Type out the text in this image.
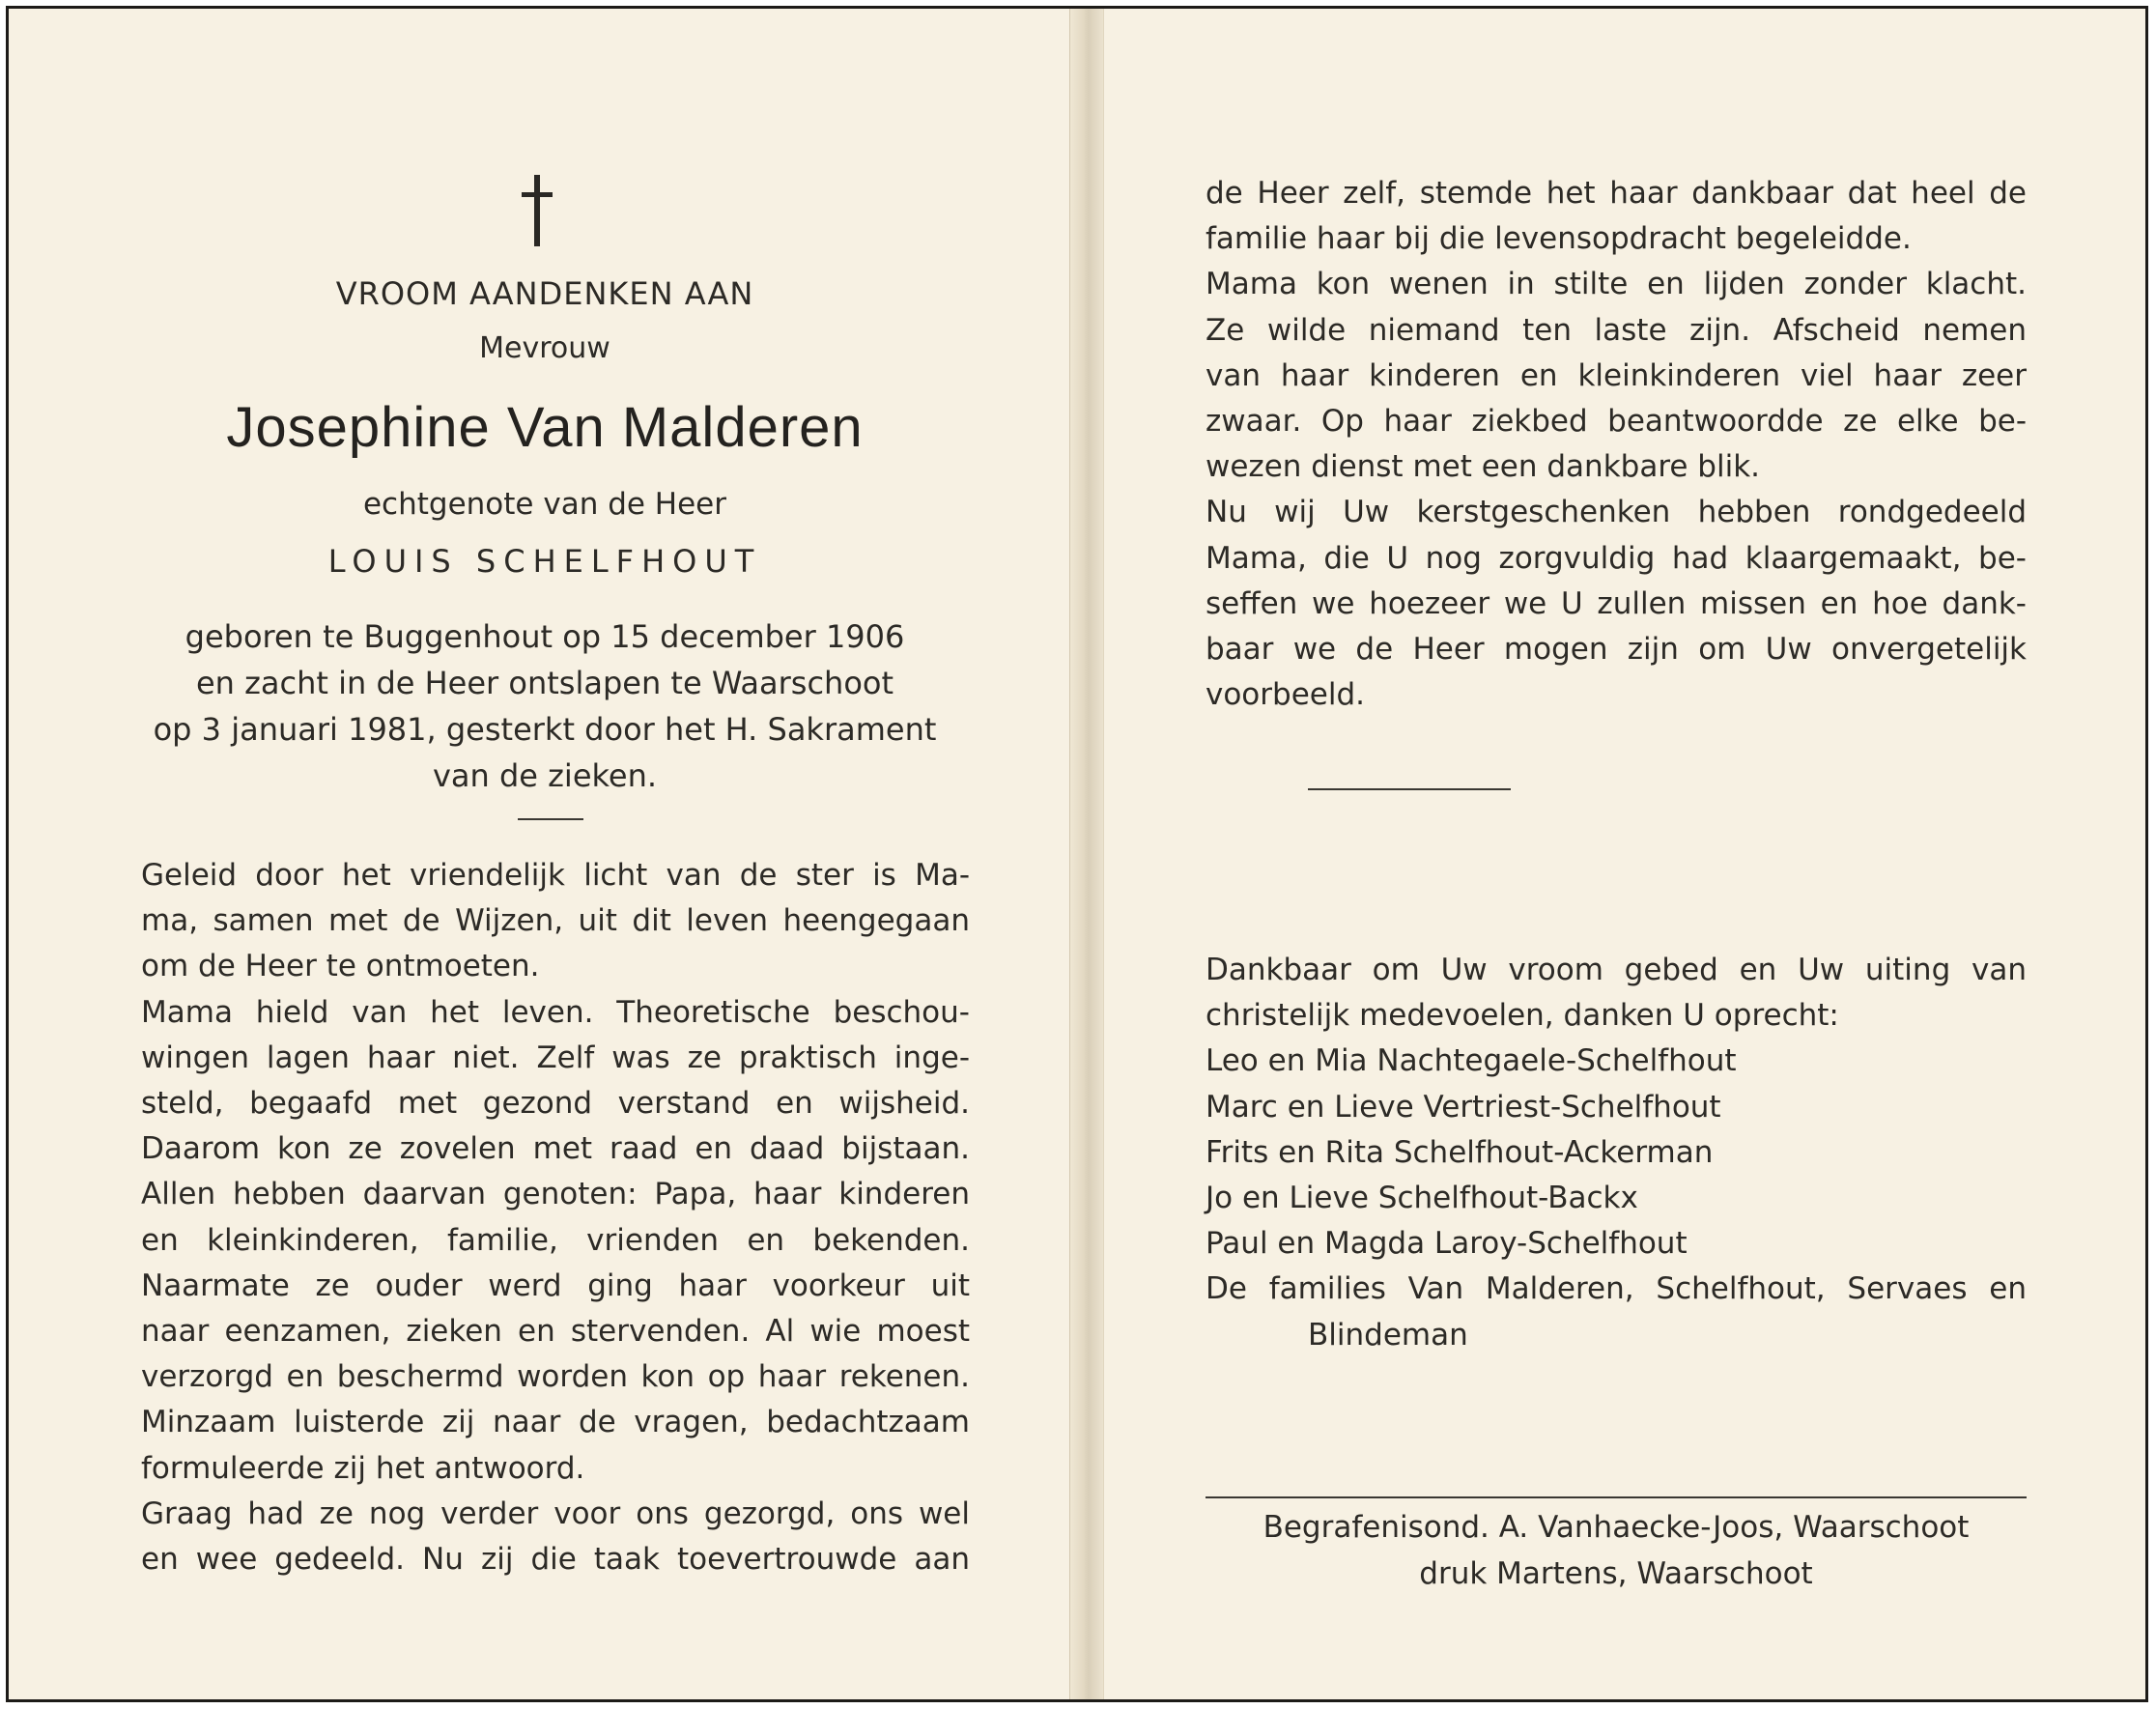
VROOM AANDENKEN AAN
Mevrouw
Josephine Van Malderen
echtgenote van de Heer
LOUIS SCHELFHOUT
geboren te Buggenhout op 15 december 1906
en zacht in de Heer ontslapen te Waarschoot
op 3 januari 1981, gesterkt door het H. Sakrament
van de zieken.
Geleid door het vriendelijk licht van de ster is Ma-
ma, samen met de Wijzen, uit dit leven heengegaan
om de Heer te ontmoeten.
Mama hield van het leven. Theoretische beschou-
wingen lagen haar niet. Zelf was ze praktisch inge-
steld, begaafd met gezond verstand en wijsheid.
Daarom kon ze zovelen met raad en daad bijstaan.
Allen hebben daarvan genoten: Papa, haar kinderen
en kleinkinderen, familie, vrienden en bekenden.
Naarmate ze ouder werd ging haar voorkeur uit
naar eenzamen, zieken en stervenden. Al wie moest
verzorgd en beschermd worden kon op haar rekenen.
Minzaam luisterde zij naar de vragen, bedachtzaam
formuleerde zij het antwoord.
Graag had ze nog verder voor ons gezorgd, ons wel
en wee gedeeld. Nu zij die taak toevertrouwde aan
de Heer zelf, stemde het haar dankbaar dat heel de
familie haar bij die levensopdracht begeleidde.
Mama kon wenen in stilte en lijden zonder klacht.
Ze wilde niemand ten laste zijn. Afscheid nemen
van haar kinderen en kleinkinderen viel haar zeer
zwaar. Op haar ziekbed beantwoordde ze elke be-
wezen dienst met een dankbare blik.
Nu wij Uw kerstgeschenken hebben rondgedeeld
Mama, die U nog zorgvuldig had klaargemaakt, be-
seffen we hoezeer we U zullen missen en hoe dank-
baar we de Heer mogen zijn om Uw onvergetelijk
voorbeeld.
Dankbaar om Uw vroom gebed en Uw uiting van
christelijk medevoelen, danken U oprecht:
Leo en Mia Nachtegaele-Schelfhout
Marc en Lieve Vertriest-Schelfhout
Frits en Rita Schelfhout-Ackerman
Jo en Lieve Schelfhout-Backx
Paul en Magda Laroy-Schelfhout
De families Van Malderen, Schelfhout, Servaes en
Blindeman
Begrafenisond. A. Vanhaecke-Joos, Waarschoot
druk Martens, Waarschoot
